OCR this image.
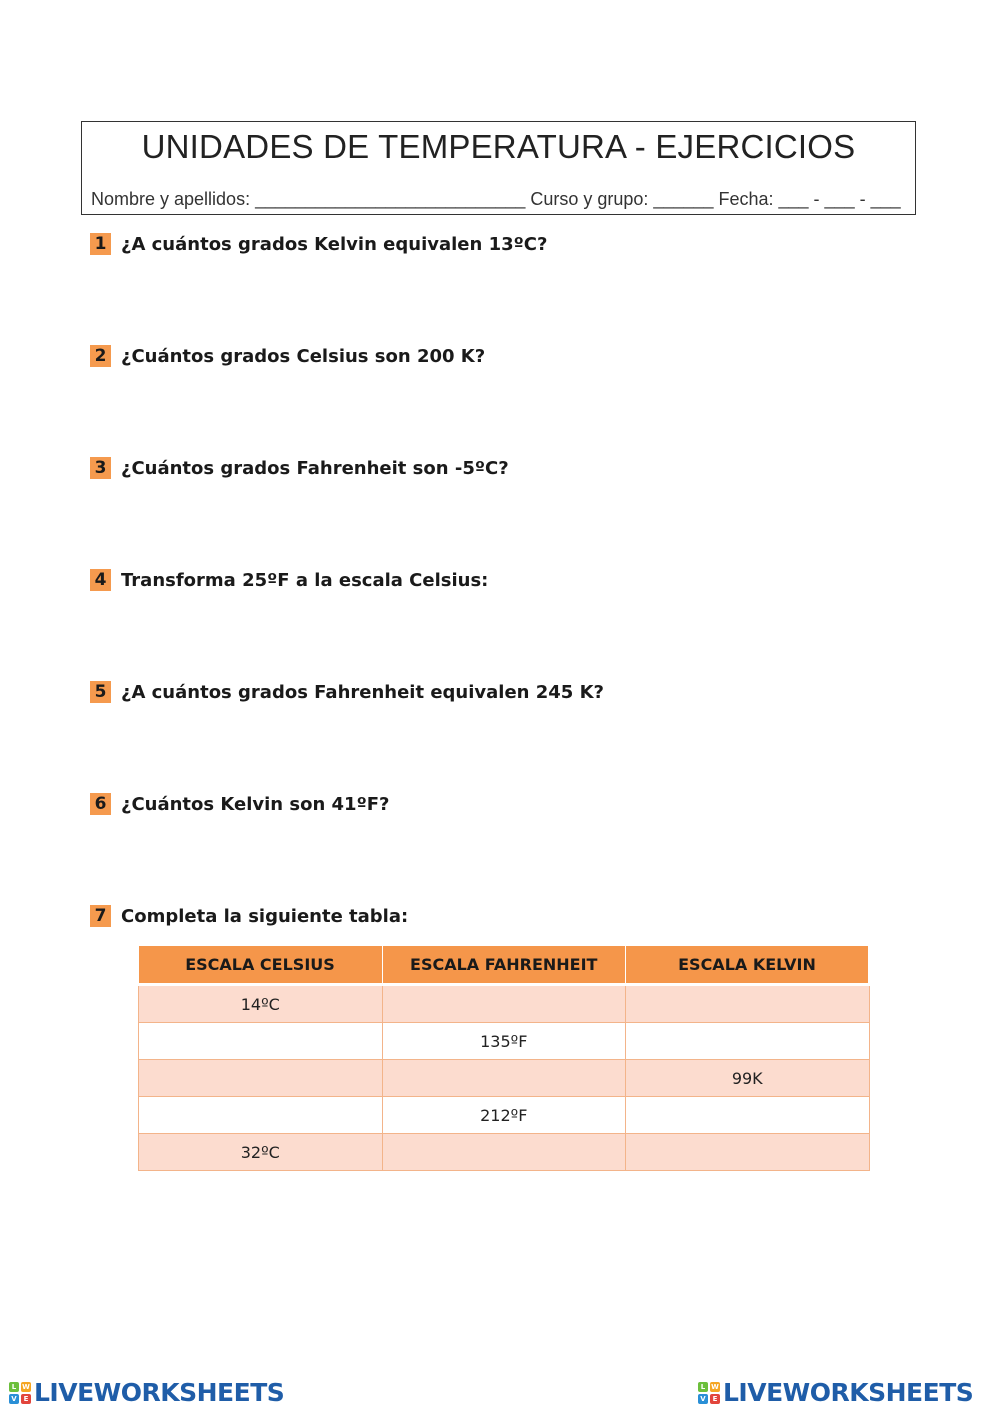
UNIDADES DE TEMPERATURA - EJERCICIOS
Nombre y apellidos: ___________________________ Curso y grupo: ______ Fecha: ___ - ___ - ___
1 ¿A cuántos grados Kelvin equivalen 13ºC?
2 ¿Cuántos grados Celsius son 200 K?
3 ¿Cuántos grados Fahrenheit son -5ºC?
4 Transforma 25ºF a la escala Celsius:
5 ¿A cuántos grados Fahrenheit equivalen 245 K?
6 ¿Cuántos Kelvin son 41ºF?
7 Completa la siguiente tabla:
ESCALA CELSIUS	ESCALA FAHRENHEIT	ESCALA KELVIN
14ºC		
	135ºF	
		99K
	212ºF	
32ºC		
L W
V E LIVEWORKSHEETS	L W
V E LIVEWORKSHEETS
